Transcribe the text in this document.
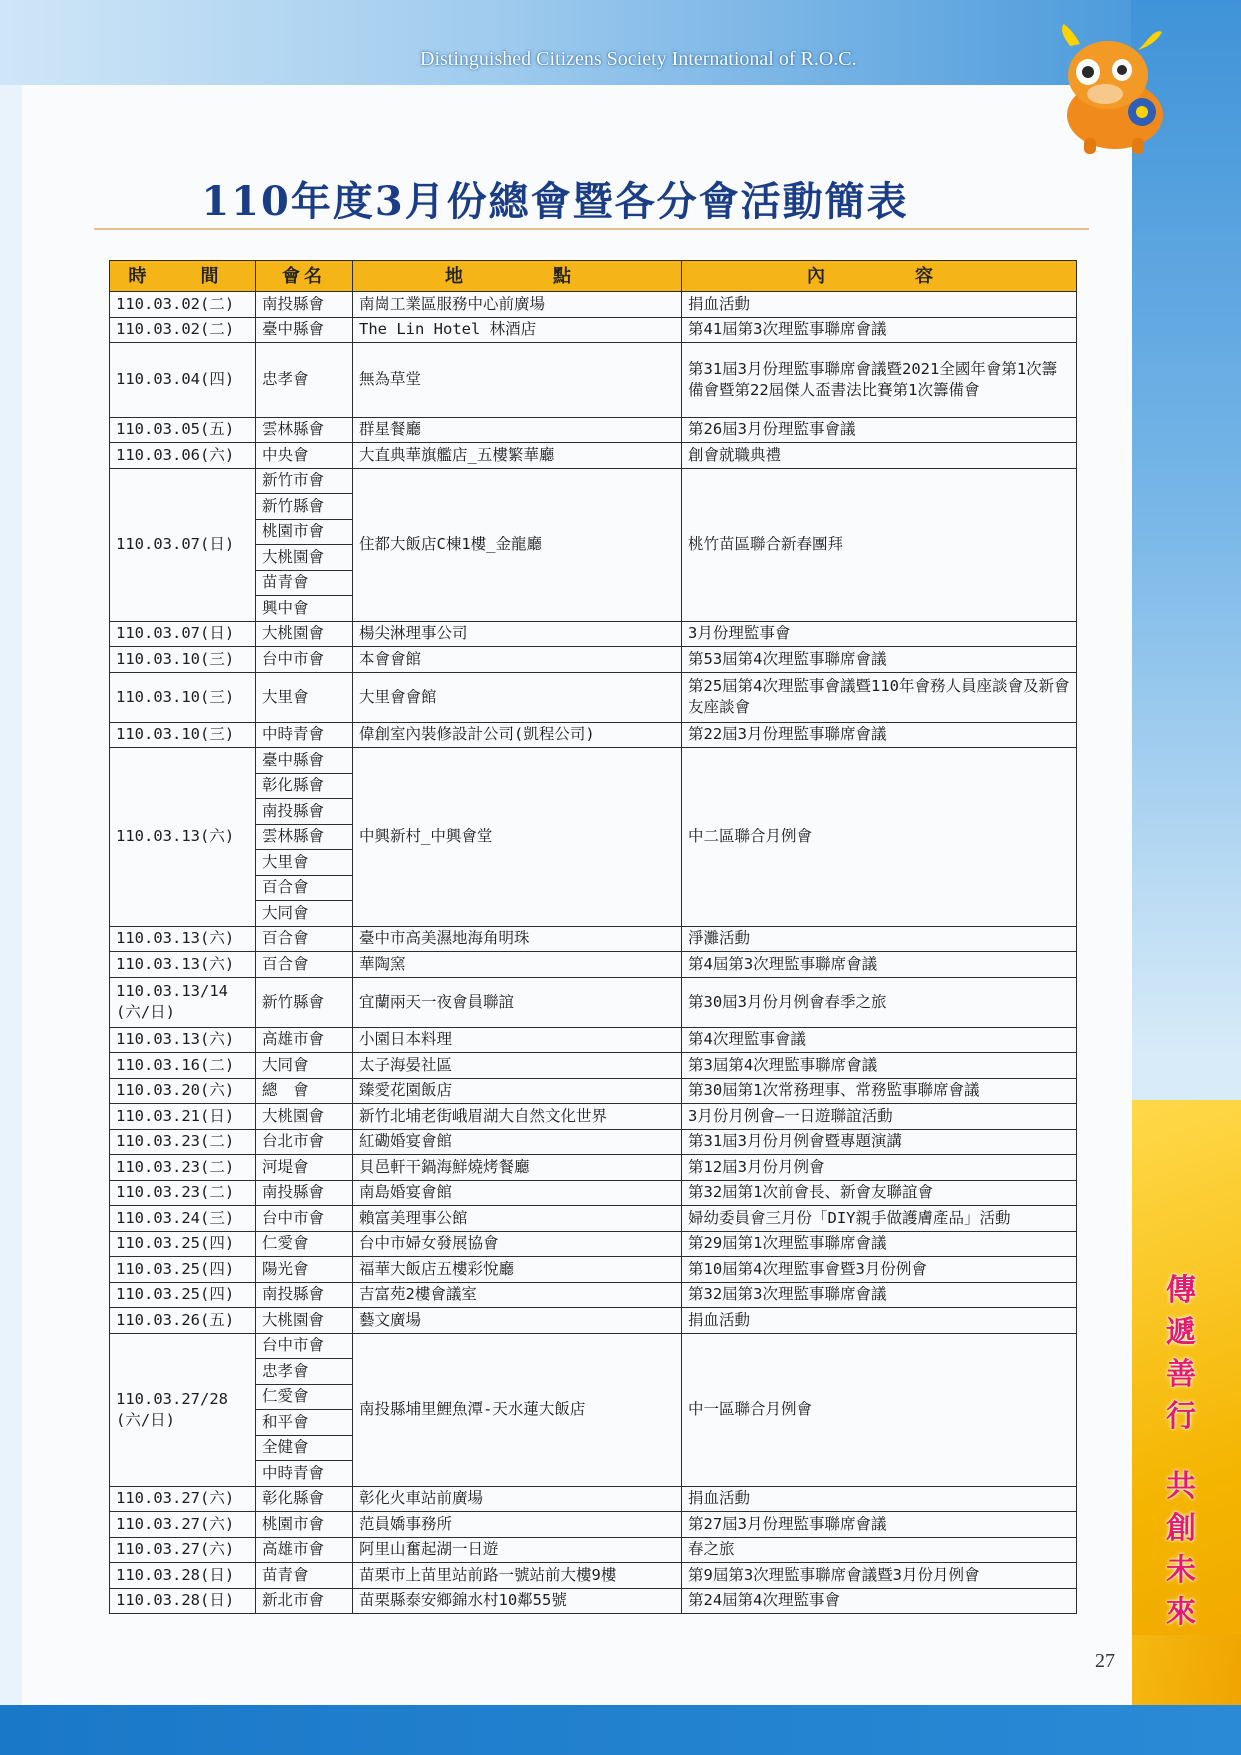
Distinguished Citizens Society International of R.O.C.
110年度3月份總會暨各分會活動簡表
時　間	會名	地　　點	內　　容
110.03.02(二)	南投縣會	南崗工業區服務中心前廣場	捐血活動
110.03.02(二)	臺中縣會	The Lin Hotel 林酒店	第41屆第3次理監事聯席會議
110.03.04(四)	忠孝會	無為草堂	第31屆3月份理監事聯席會議暨2021全國年會第1次籌備會暨第22屆傑人盃書法比賽第1次籌備會
110.03.05(五)	雲林縣會	群星餐廳	第26屆3月份理監事會議
110.03.06(六)	中央會	大直典華旗艦店_五樓繁華廳	創會就職典禮
110.03.07(日)	新竹市會	住都大飯店C棟1樓_金龍廳	桃竹苗區聯合新春團拜
	新竹縣會		
	桃園市會		
	大桃園會		
	苗青會		
	興中會		
110.03.07(日)	大桃園會	楊尖淋理事公司	3月份理監事會
110.03.10(三)	台中市會	本會會館	第53屆第4次理監事聯席會議
110.03.10(三)	大里會	大里會會館	第25屆第4次理監事會議暨110年會務人員座談會及新會友座談會
110.03.10(三)	中時青會	偉創室內裝修設計公司(凱程公司)	第22屆3月份理監事聯席會議
110.03.13(六)	臺中縣會	中興新村_中興會堂	中二區聯合月例會
	彰化縣會		
	南投縣會		
	雲林縣會		
	大里會		
	百合會		
	大同會		
110.03.13(六)	百合會	臺中市高美濕地海角明珠	淨灘活動
110.03.13(六)	百合會	華陶窯	第4屆第3次理監事聯席會議
110.03.13/14 (六/日)	新竹縣會	宜蘭兩天一夜會員聯誼	第30屆3月份月例會春季之旅
110.03.13(六)	高雄市會	小園日本料理	第4次理監事會議
110.03.16(二)	大同會	太子海晏社區	第3屆第4次理監事聯席會議
110.03.20(六)	總　會	臻愛花園飯店	第30屆第1次常務理事、常務監事聯席會議
110.03.21(日)	大桃園會	新竹北埔老街峨眉湖大自然文化世界	3月份月例會—一日遊聯誼活動
110.03.23(二)	台北市會	紅磡婚宴會館	第31屆3月份月例會暨專題演講
110.03.23(二)	河堤會	貝邑軒干鍋海鮮燒烤餐廳	第12屆3月份月例會
110.03.23(二)	南投縣會	南島婚宴會館	第32屆第1次前會長、新會友聯誼會
110.03.24(三)	台中市會	賴富美理事公館	婦幼委員會三月份「DIY親手做護膚產品」活動
110.03.25(四)	仁愛會	台中市婦女發展協會	第29屆第1次理監事聯席會議
110.03.25(四)	陽光會	福華大飯店五樓彩悅廳	第10屆第4次理監事會暨3月份例會
110.03.25(四)	南投縣會	吉富苑2樓會議室	第32屆第3次理監事聯席會議
110.03.26(五)	大桃園會	藝文廣場	捐血活動
110.03.27/28 (六/日)	台中市會	南投縣埔里鯉魚潭-天水蓮大飯店	中一區聯合月例會
	忠孝會		
	仁愛會		
	和平會		
	全健會		
	中時青會		
110.03.27(六)	彰化縣會	彰化火車站前廣場	捐血活動
110.03.27(六)	桃園市會	范員嬌事務所	第27屆3月份理監事聯席會議
110.03.27(六)	高雄市會	阿里山奮起湖一日遊	春之旅
110.03.28(日)	苗青會	苗栗市上苗里站前路一號站前大樓9樓	第9屆第3次理監事聯席會議暨3月份月例會
110.03.28(日)	新北市會	苗栗縣泰安鄉錦水村10鄰55號	第24屆第4次理監事會
傳
遞
善
行
共
創
未
來
27
